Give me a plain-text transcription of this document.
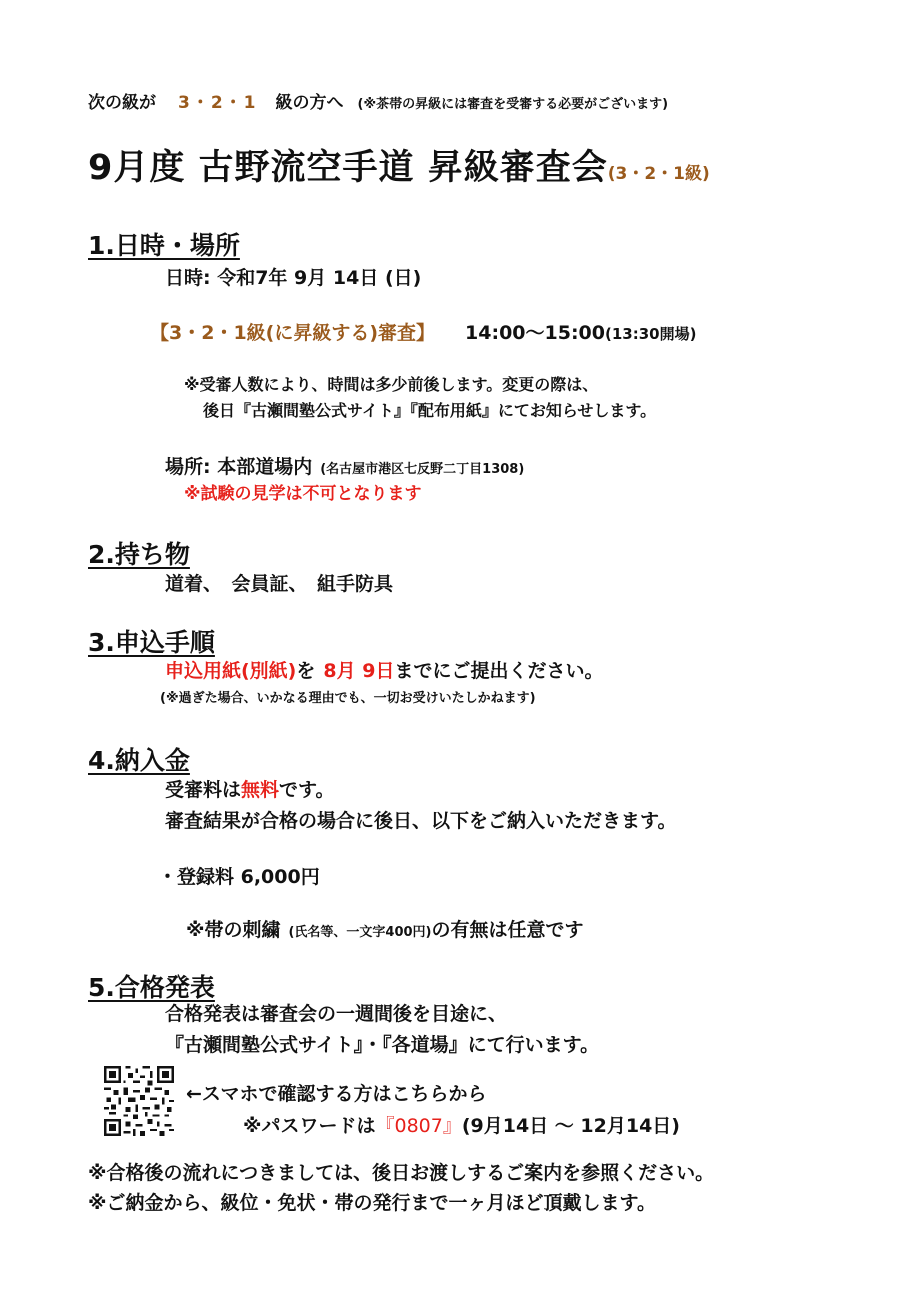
次の級が 3・2・1 級の方へ (※茶帯の昇級には審査を受審する必要がございます)
9月度 古野流空手道 昇級審査会(3・2・1級)
1.日時・場所
日時: 令和7年 9月 14日 (日)
【3・2・1級(に昇級する)審査】 14:00〜15:00(13:30開場)
※受審人数により、時間は多少前後します。変更の際は、
後日『古瀬間塾公式サイト』『配布用紙』にてお知らせします。
場所: 本部道場内 (名古屋市港区七反野二丁目1308)
※試験の見学は不可となります
2.持ち物
道着、　会員証、　組手防具
3.申込手順
申込用紙(別紙)を 8月 9日までにご提出ください。
(※過ぎた場合、いかなる理由でも、一切お受けいたしかねます)
4.納入金
受審料は無料です。
審査結果が合格の場合に後日、以下をご納入いただきます。
・登録料 6,000円
※帯の刺繍 (氏名等、一文字400円)の有無は任意です
5.合格発表
合格発表は審査会の一週間後を目途に、
『古瀬間塾公式サイト』・『各道場』にて行います。
←スマホで確認する方はこちらから
※パスワードは『0807』(9月14日 〜 12月14日)
※合格後の流れにつきましては、後日お渡しするご案内を参照ください。
※ご納金から、級位・免状・帯の発行まで一ヶ月ほど頂戴します。
